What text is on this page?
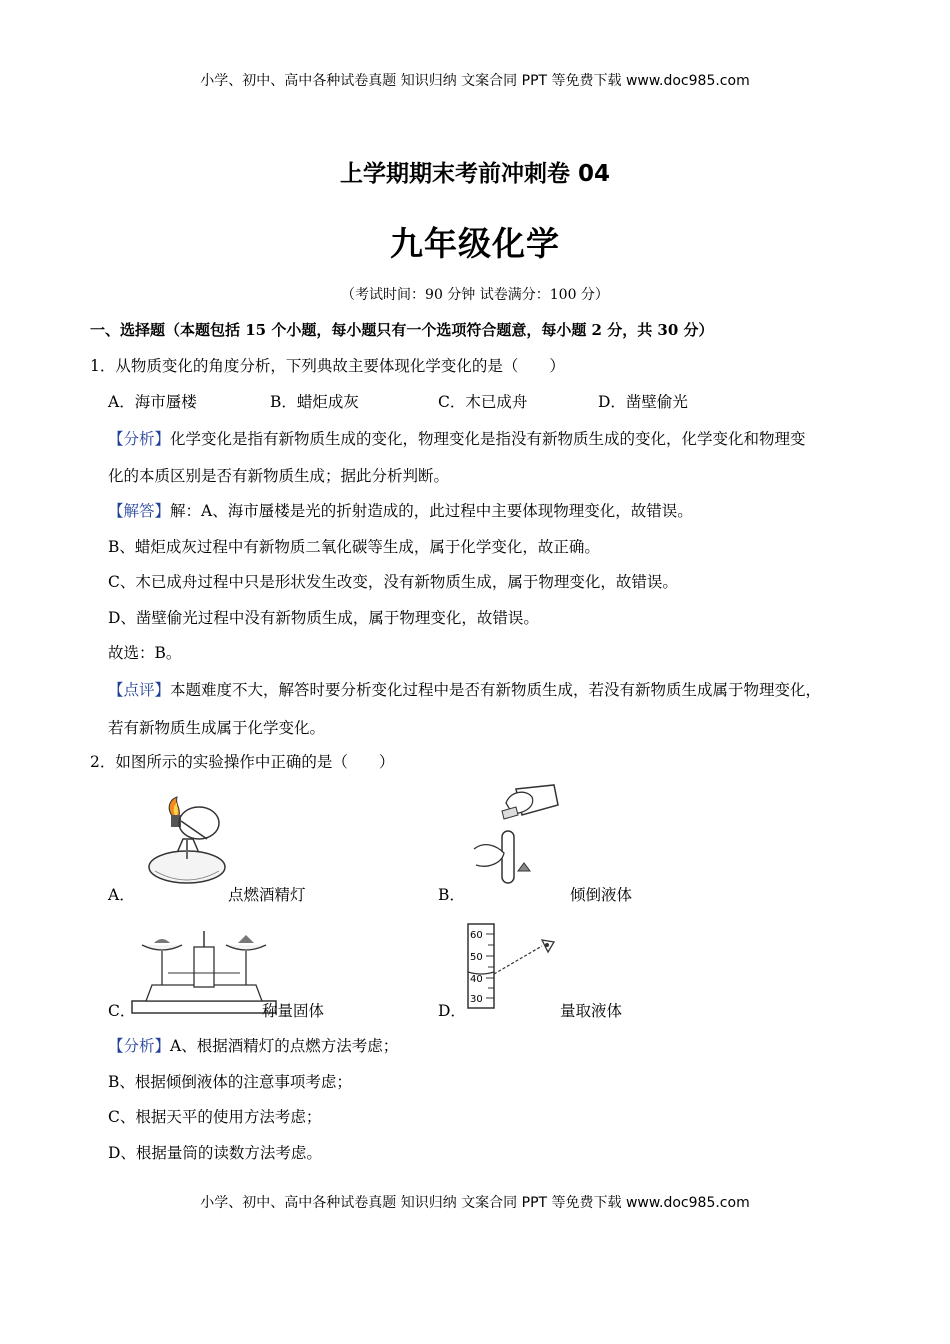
小学、初中、高中各种试卷真题 知识归纳 文案合同 PPT 等免费下载 www.doc985.com
上学期期末考前冲刺卷 04
九年级化学
（考试时间：90 分钟 试卷满分：100 分）
一、选择题（本题包括 15 个小题，每小题只有一个选项符合题意，每小题 2 分，共 30 分）
1．从物质变化的角度分析，下列典故主要体现化学变化的是（　　）
A．海市蜃楼	B．蜡炬成灰	C．木已成舟	D．凿壁偷光
【分析】化学变化是指有新物质生成的变化，物理变化是指没有新物质生成的变化，化学变化和物理变
化的本质区别是否有新物质生成；据此分析判断。
【解答】解：A、海市蜃楼是光的折射造成的，此过程中主要体现物理变化，故错误。
B、蜡炬成灰过程中有新物质二氧化碳等生成，属于化学变化，故正确。
C、木已成舟过程中只是形状发生改变，没有新物质生成，属于物理变化，故错误。
D、凿壁偷光过程中没有新物质生成，属于物理变化，故错误。
故选：B。
【点评】本题难度不大，解答时要分析变化过程中是否有新物质生成，若没有新物质生成属于物理变化，
若有新物质生成属于化学变化。
2．如图所示的实验操作中正确的是（　　）
A．	点燃酒精灯	B．	倾倒液体
C．	称量固体
60
50
40
30
D．	量取液体
【分析】A、根据酒精灯的点燃方法考虑；
B、根据倾倒液体的注意事项考虑；
C、根据天平的使用方法考虑；
D、根据量筒的读数方法考虑。
小学、初中、高中各种试卷真题 知识归纳 文案合同 PPT 等免费下载 www.doc985.com
